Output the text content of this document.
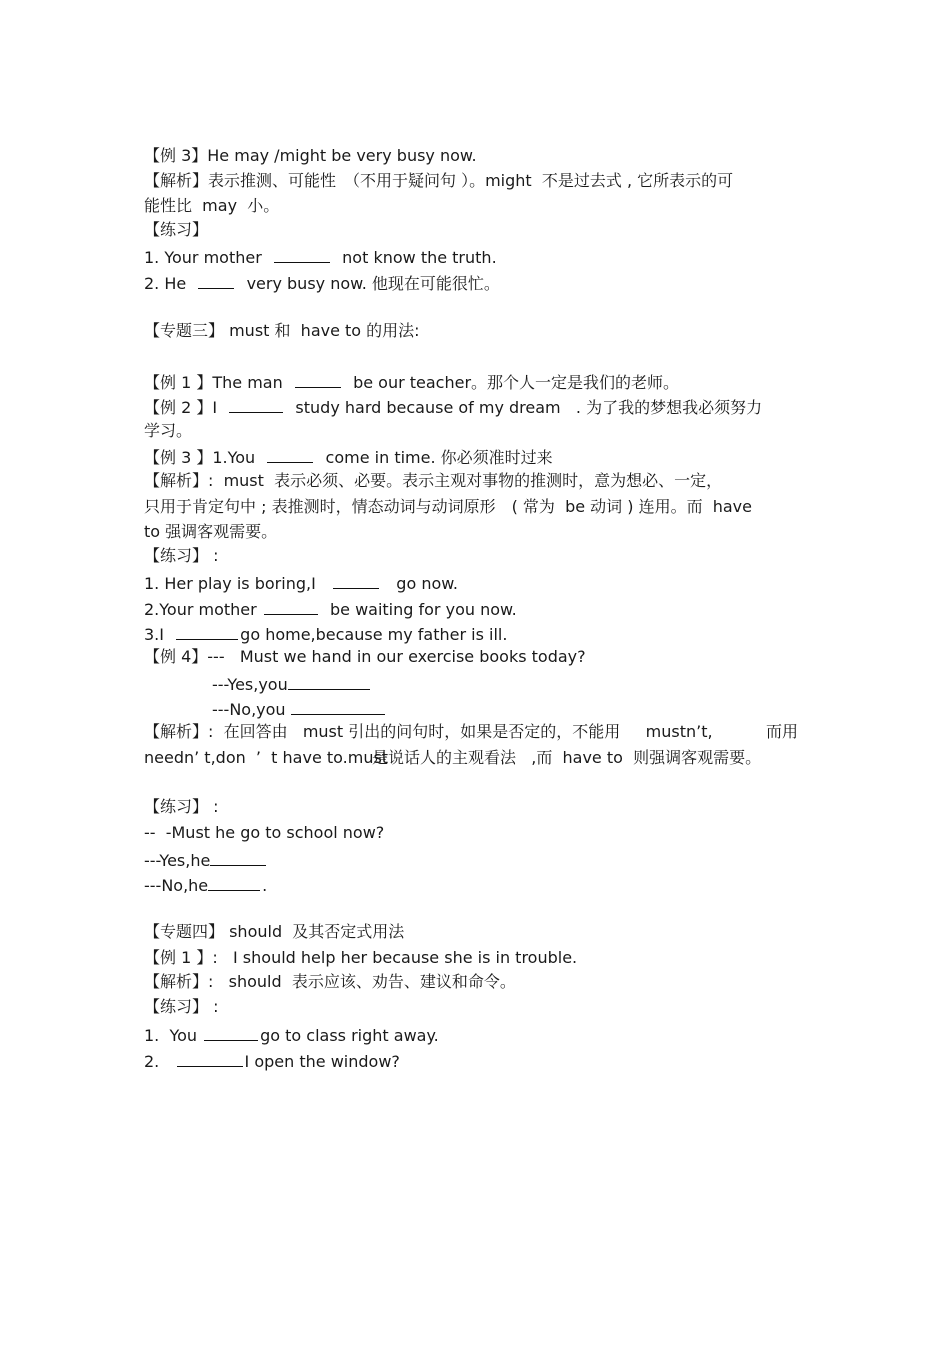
【例 3】He may /might be very busy now.
【解析】表示推测、可能性　（不用于疑问句 ）。might  不是过去式 , 它所表示的可
能性比  may  小。
【练习】
1. Your mother	not know the truth.
2. He	very busy now. 他现在可能很忙。
【专题三】 must 和  have to 的用法:
【例 1 】The man	be our teacher。那个人一定是我们的老师。
【例 2 】I	study hard because of my dream   . 为了我的梦想我必须努力
学习。
【例 3 】1.You	come in time. 你必须准时过来
【解析】:  must  表示必须、必要。表示主观对事物的推测时，意为想必、一定，
只用于肯定句中 ; 表推测时，情态动词与动词原形　( 常为  be 动词 ) 连用。而  have
to 强调客观需要。
【练习】 :
1. Her play is boring,I	go now.
2.Your mother	be waiting for you now.
3.I	go home,because my father is ill.
【例 4】---   Must we hand in our exercise books today?
---Yes,you
---No,you
【解析】:  在回答由   must 引出的问句时，如果是否定的，不能用     mustn’t,	而用
needn’ t,don  ’  t have to.must
是说话人的主观看法   ,而  have to  则强调客观需要。
【练习】 :
--  -Must he go to school now?
---Yes,he
---No,he	.
【专题四】 should  及其否定式用法
【例 1 】:   I should help her because she is in trouble.
【解析】:   should  表示应该、劝告、建议和命令。
【练习】 :
1.  You	go to class right away.
2.	I open the window?
